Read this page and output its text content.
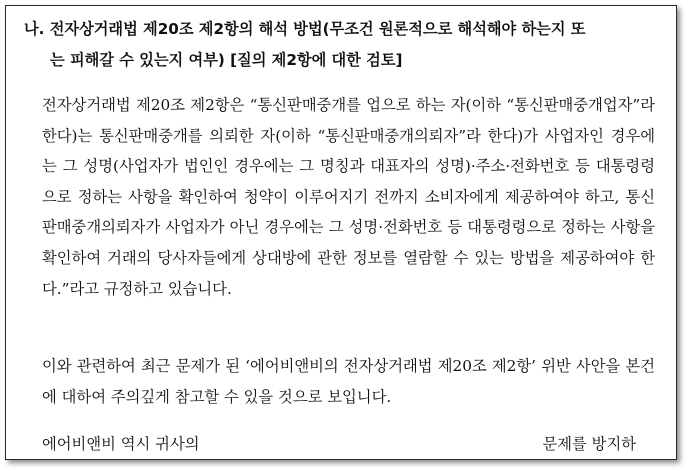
나. 전자상거래법 제20조 제2항의 해석 방법(무조건 원론적으로 해석해야 하는지 또
는 피해갈 수 있는지 여부) [질의 제2항에 대한 검토]
전자상거래법 제20조 제2항은 “통신판매중개를 업으로 하는 자(이하 “통신판매중개업자”라 한다)는 통신판매중개를 의뢰한 자(이하 “통신판매중개의뢰자”라 한다)가 사업자인 경우에는 그 성명(사업자가 법인인 경우에는 그 명칭과 대표자의 성명)·주소·전화번호 등 대통령령으로 정하는 사항을 확인하여 청약이 이루어지기 전까지 소비자에게 제공하여야 하고, 통신판매중개의뢰자가 사업자가 아닌 경우에는 그 성명·전화번호 등 대통령령으로 정하는 사항을 확인하여 거래의 당사자들에게 상대방에 관한 정보를 열람할 수 있는 방법을 제공하여야 한다.”라고 규정하고 있습니다.
이와 관련하여 최근 문제가 된 ‘에어비앤비의 전자상거래법 제20조 제2항’ 위반 사안을 본건에 대하여 주의깊게 참고할 수 있을 것으로 보입니다.
에어비앤비 역시 귀사의	문제를 방지하
